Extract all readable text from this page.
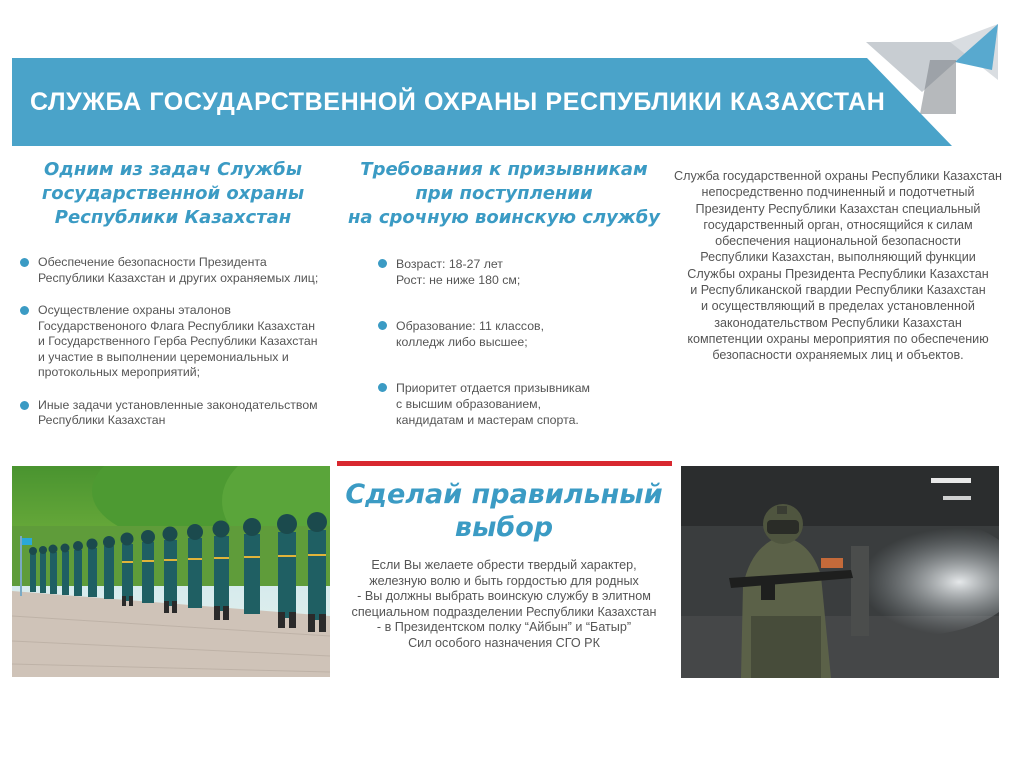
СЛУЖБА ГОСУДАРСТВЕННОЙ ОХРАНЫ РЕСПУБЛИКИ КАЗАХСТАН
Одним из задач Службы
государственной охраны
Республики Казахстан
Обеспечение безопасности Президента Республики Казахстан и других охраняемых лиц;
Осуществление охраны эталонов Государственоного Флага Республики Казахстан и Государственного Герба Республики Казахстан и участие в выполнении церемониальных и протокольных мероприятий;
Иные задачи установленные законодательством Республики Казахстан
Требования к призывникам
при поступлении
на срочную воинскую службу
Возраст: 18-27 лет
Рост: не ниже 180 см;
Образование: 11 классов,
колледж либо высшее;
Приоритет отдается призывникам
с высшим образованием,
кандидатам и мастерам спорта.
Служба государственной охраны Республики Казахстан
непосредственно подчиненный и подотчетный
Президенту Республики Казахстан специальный
государственный орган, относящийся к силам
обеспечения национальной безопасности
Республики Казахстан, выполняющий функции
Службы охраны Президента Республики Казахстан
и Республиканской гвардии Республики Казахстан
и осуществляющий в пределах установленной
законодательством Республики Казахстан
компетенции охраны мероприятия по обеспечению
безопасности охраняемых лиц и объектов.
Сделай правильный
выбор
Если Вы желаете обрести твердый характер,
железную волю и быть гордостью для родных
- Вы должны выбрать воинскую службу в элитном
специальном подразделении Республики Казахстан
- в Президентском полку “Айбын” и “Батыр”
Сил особого назначения СГО РК
